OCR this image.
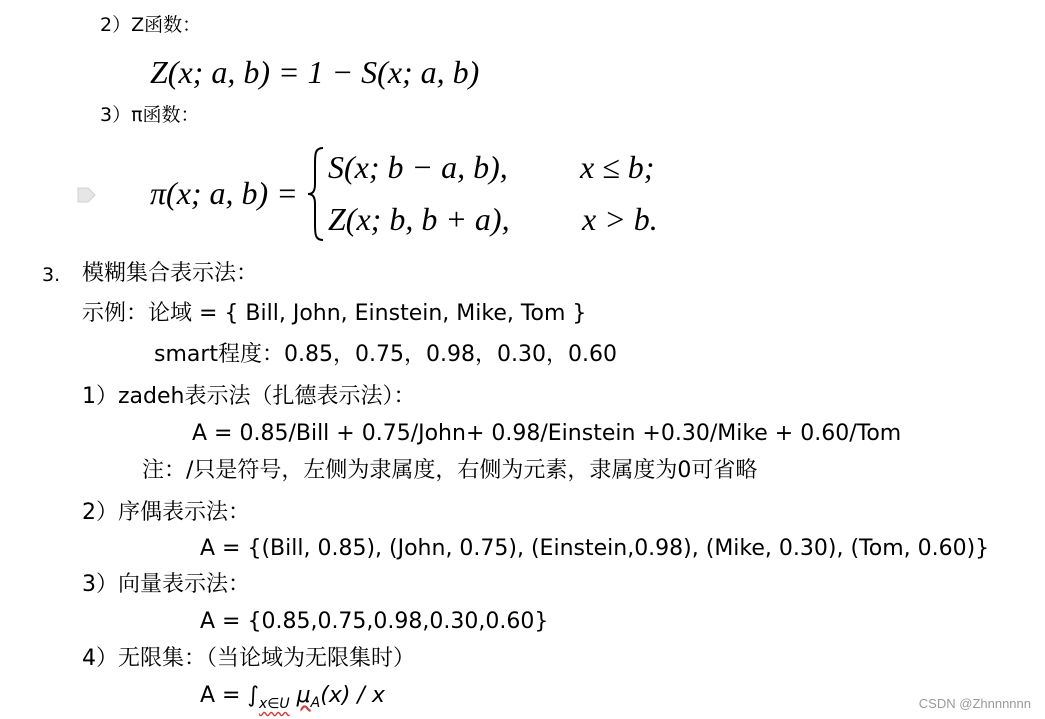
2）Z函数：
Z(x; a, b) = 1 − S(x; a, b)
3）π函数：
π(x; a, b) =
S(x; b − a, b), x ≤ b;
Z(x; b, b + a), x > b.
3. 模糊集合表示法：
示例：论域 = { Bill, John, Einstein, Mike, Tom }
smart程度：0.85，0.75，0.98，0.30，0.60
1）zadeh表示法（扎德表示法）：
A = 0.85/Bill + 0.75/John+ 0.98/Einstein +0.30/Mike + 0.60/Tom
注：/只是符号，左侧为隶属度，右侧为元素，隶属度为0可省略
2）序偶表示法：
A = {(Bill, 0.85), (John, 0.75), (Einstein,0.98), (Mike, 0.30), (Tom, 0.60)}
3）向量表示法：
A = {0.85,0.75,0.98,0.30,0.60}
4）无限集：（当论域为无限集时）
$A = \int_{x\in U}$ $\mu_A(x)$ / x	CSDN @Zhnnnnnn
